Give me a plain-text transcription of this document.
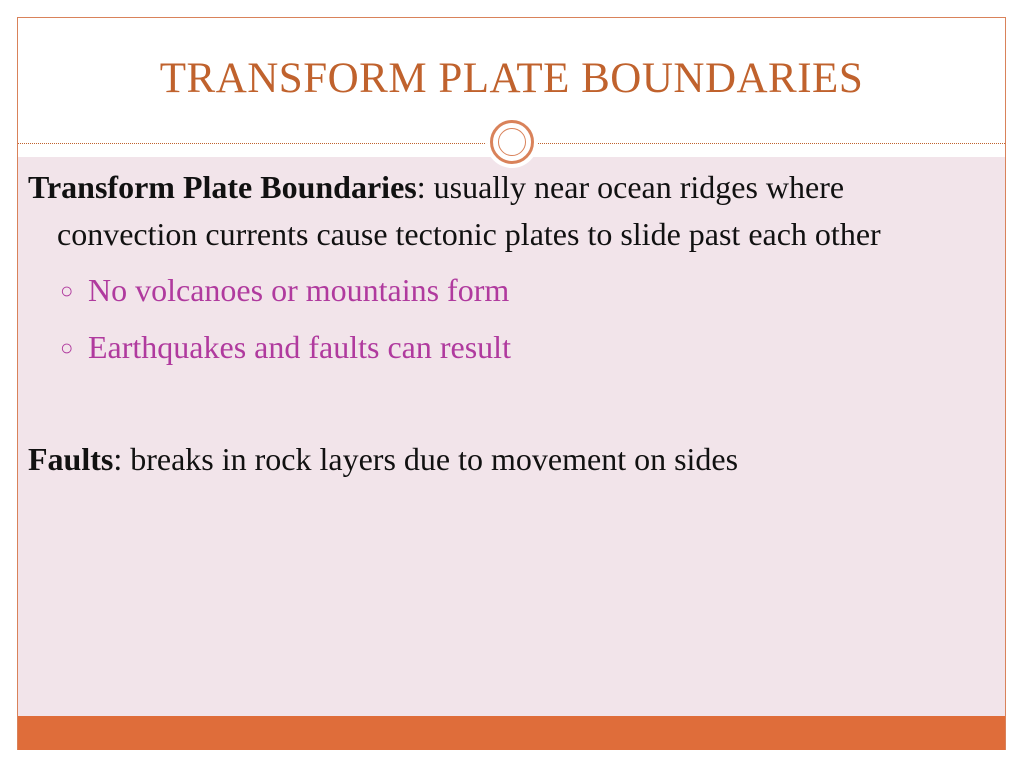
TRANSFORM PLATE BOUNDARIES

Transform Plate Boundaries: usually near ocean ridges where convection currents cause tectonic plates to slide past each other

○ No volcanoes or mountains form

○ Earthquakes and faults can result

Faults: breaks in rock layers due to movement on sides
